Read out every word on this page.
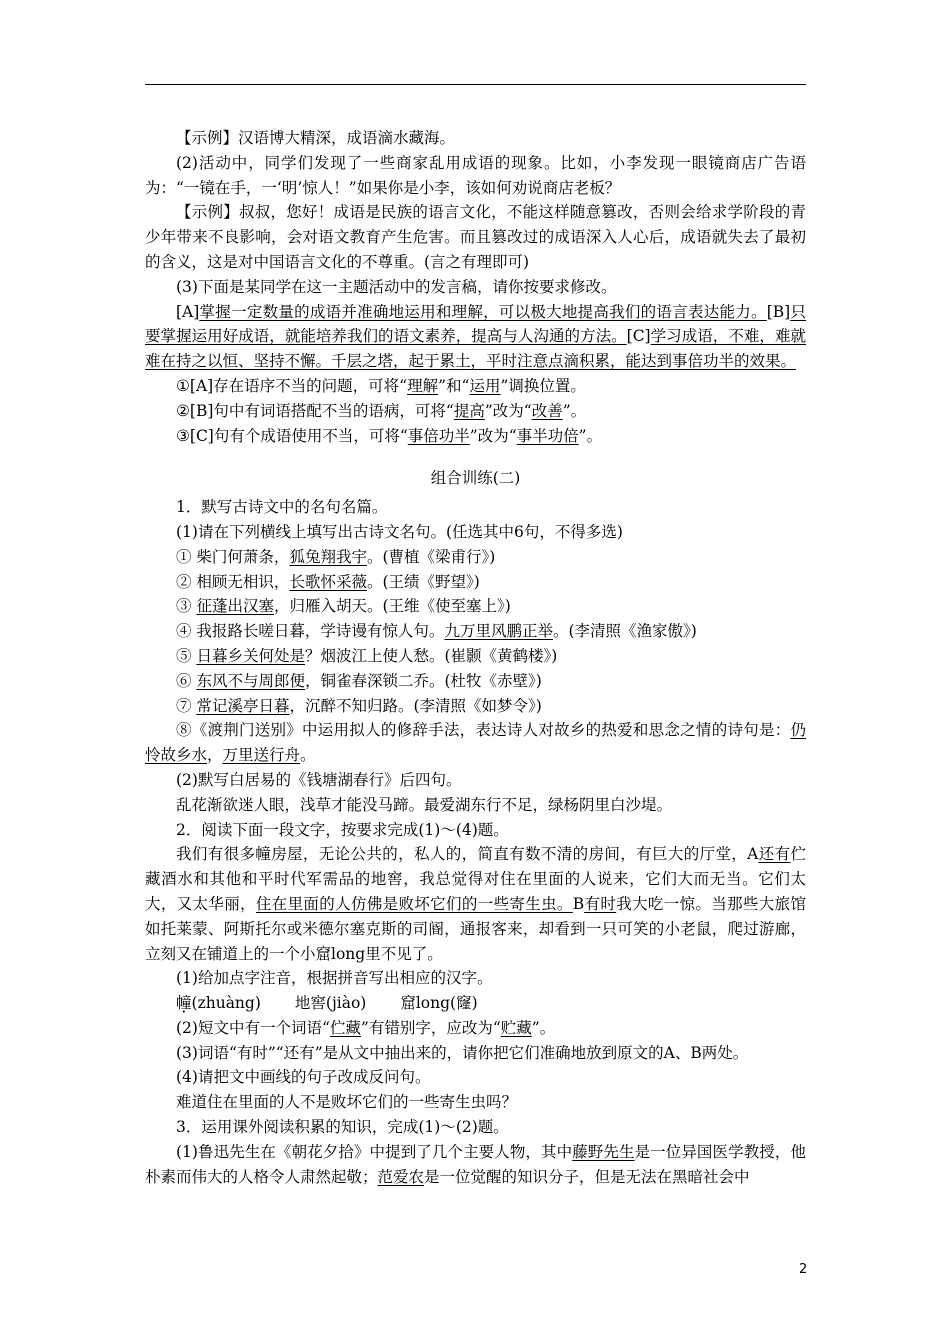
【示例】汉语博大精深，成语滴水藏海。

(2)活动中，同学们发现了一些商家乱用成语的现象。比如，小李发现一眼镜商店广告语为：“一镜在手，一‘明’惊人！”如果你是小李，该如何劝说商店老板？

【示例】叔叔，您好！成语是民族的语言文化，不能这样随意篡改，否则会给求学阶段的青少年带来不良影响，会对语文教育产生危害。而且篡改过的成语深入人心后，成语就失去了最初的含义，这是对中国语言文化的不尊重。(言之有理即可)

(3)下面是某同学在这一主题活动中的发言稿，请你按要求修改。

[A]掌握一定数量的成语并准确地运用和理解，可以极大地提高我们的语言表达能力。[B]只要掌握运用好成语，就能培养我们的语文素养，提高与人沟通的方法。[C]学习成语，不难，难就难在持之以恒、坚持不懈。千层之塔，起于累土，平时注意点滴积累，能达到事倍功半的效果。

①[A]存在语序不当的问题，可将“理解”和“运用”调换位置。

②[B]句中有词语搭配不当的语病，可将“提高”改为“改善”。

③[C]句有个成语使用不当，可将“事倍功半”改为“事半功倍”。

组合训练(二)

1．默写古诗文中的名句名篇。

(1)请在下列横线上填写出古诗文名句。(任选其中6句，不得多选)

① 柴门何萧条，狐兔翔我宇。(曹植《梁甫行》)

② 相顾无相识，长歌怀采薇。(王绩《野望》)

③ 征蓬出汉塞，归雁入胡天。(王维《使至塞上》)

④ 我报路长嗟日暮，学诗谩有惊人句。九万里风鹏正举。(李清照《渔家傲》)

⑤ 日暮乡关何处是？烟波江上使人愁。(崔颢《黄鹤楼》)

⑥ 东风不与周郎便，铜雀春深锁二乔。(杜牧《赤壁》)

⑦ 常记溪亭日暮，沉醉不知归路。(李清照《如梦令》)

⑧《渡荆门送别》中运用拟人的修辞手法，表达诗人对故乡的热爱和思念之情的诗句是：仍怜故乡水，万里送行舟。

(2)默写白居易的《钱塘湖春行》后四句。

乱花渐欲迷人眼，浅草才能没马蹄。最爱湖东行不足，绿杨阴里白沙堤。

2．阅读下面一段文字，按要求完成(1)～(4)题。

我们有很多幢房屋，无论公共的，私人的，简直有数不清的房间，有巨大的厅堂，A还有伫藏酒水和其他和平时代军需品的地窖，我总觉得对住在里面的人说来，它们大而无当。它们太大，又太华丽，住在里面的人仿佛是败坏它们的一些寄生虫。B有时我大吃一惊。当那些大旅馆如托莱蒙、阿斯托尔或米德尔塞克斯的司阍，通报客来，却看到一只可笑的小老鼠，爬过游廊，立刻又在铺道上的一个小窟long里不见了。

(1)给加点字注音，根据拼音写出相应的汉字。

幢(zhuàng) 地窖(jiào) 窟long(窿)

(2)短文中有一个词语“伫藏”有错别字，应改为“贮藏”。

(3)词语“有时”“还有”是从文中抽出来的，请你把它们准确地放到原文的A、B两处。

(4)请把文中画线的句子改成反问句。

难道住在里面的人不是败坏它们的一些寄生虫吗？

3．运用课外阅读积累的知识，完成(1)～(2)题。

(1)鲁迅先生在《朝花夕拾》中提到了几个主要人物，其中藤野先生是一位异国医学教授，他朴素而伟大的人格令人肃然起敬；范爱农是一位觉醒的知识分子，但是无法在黑暗社会中

2
